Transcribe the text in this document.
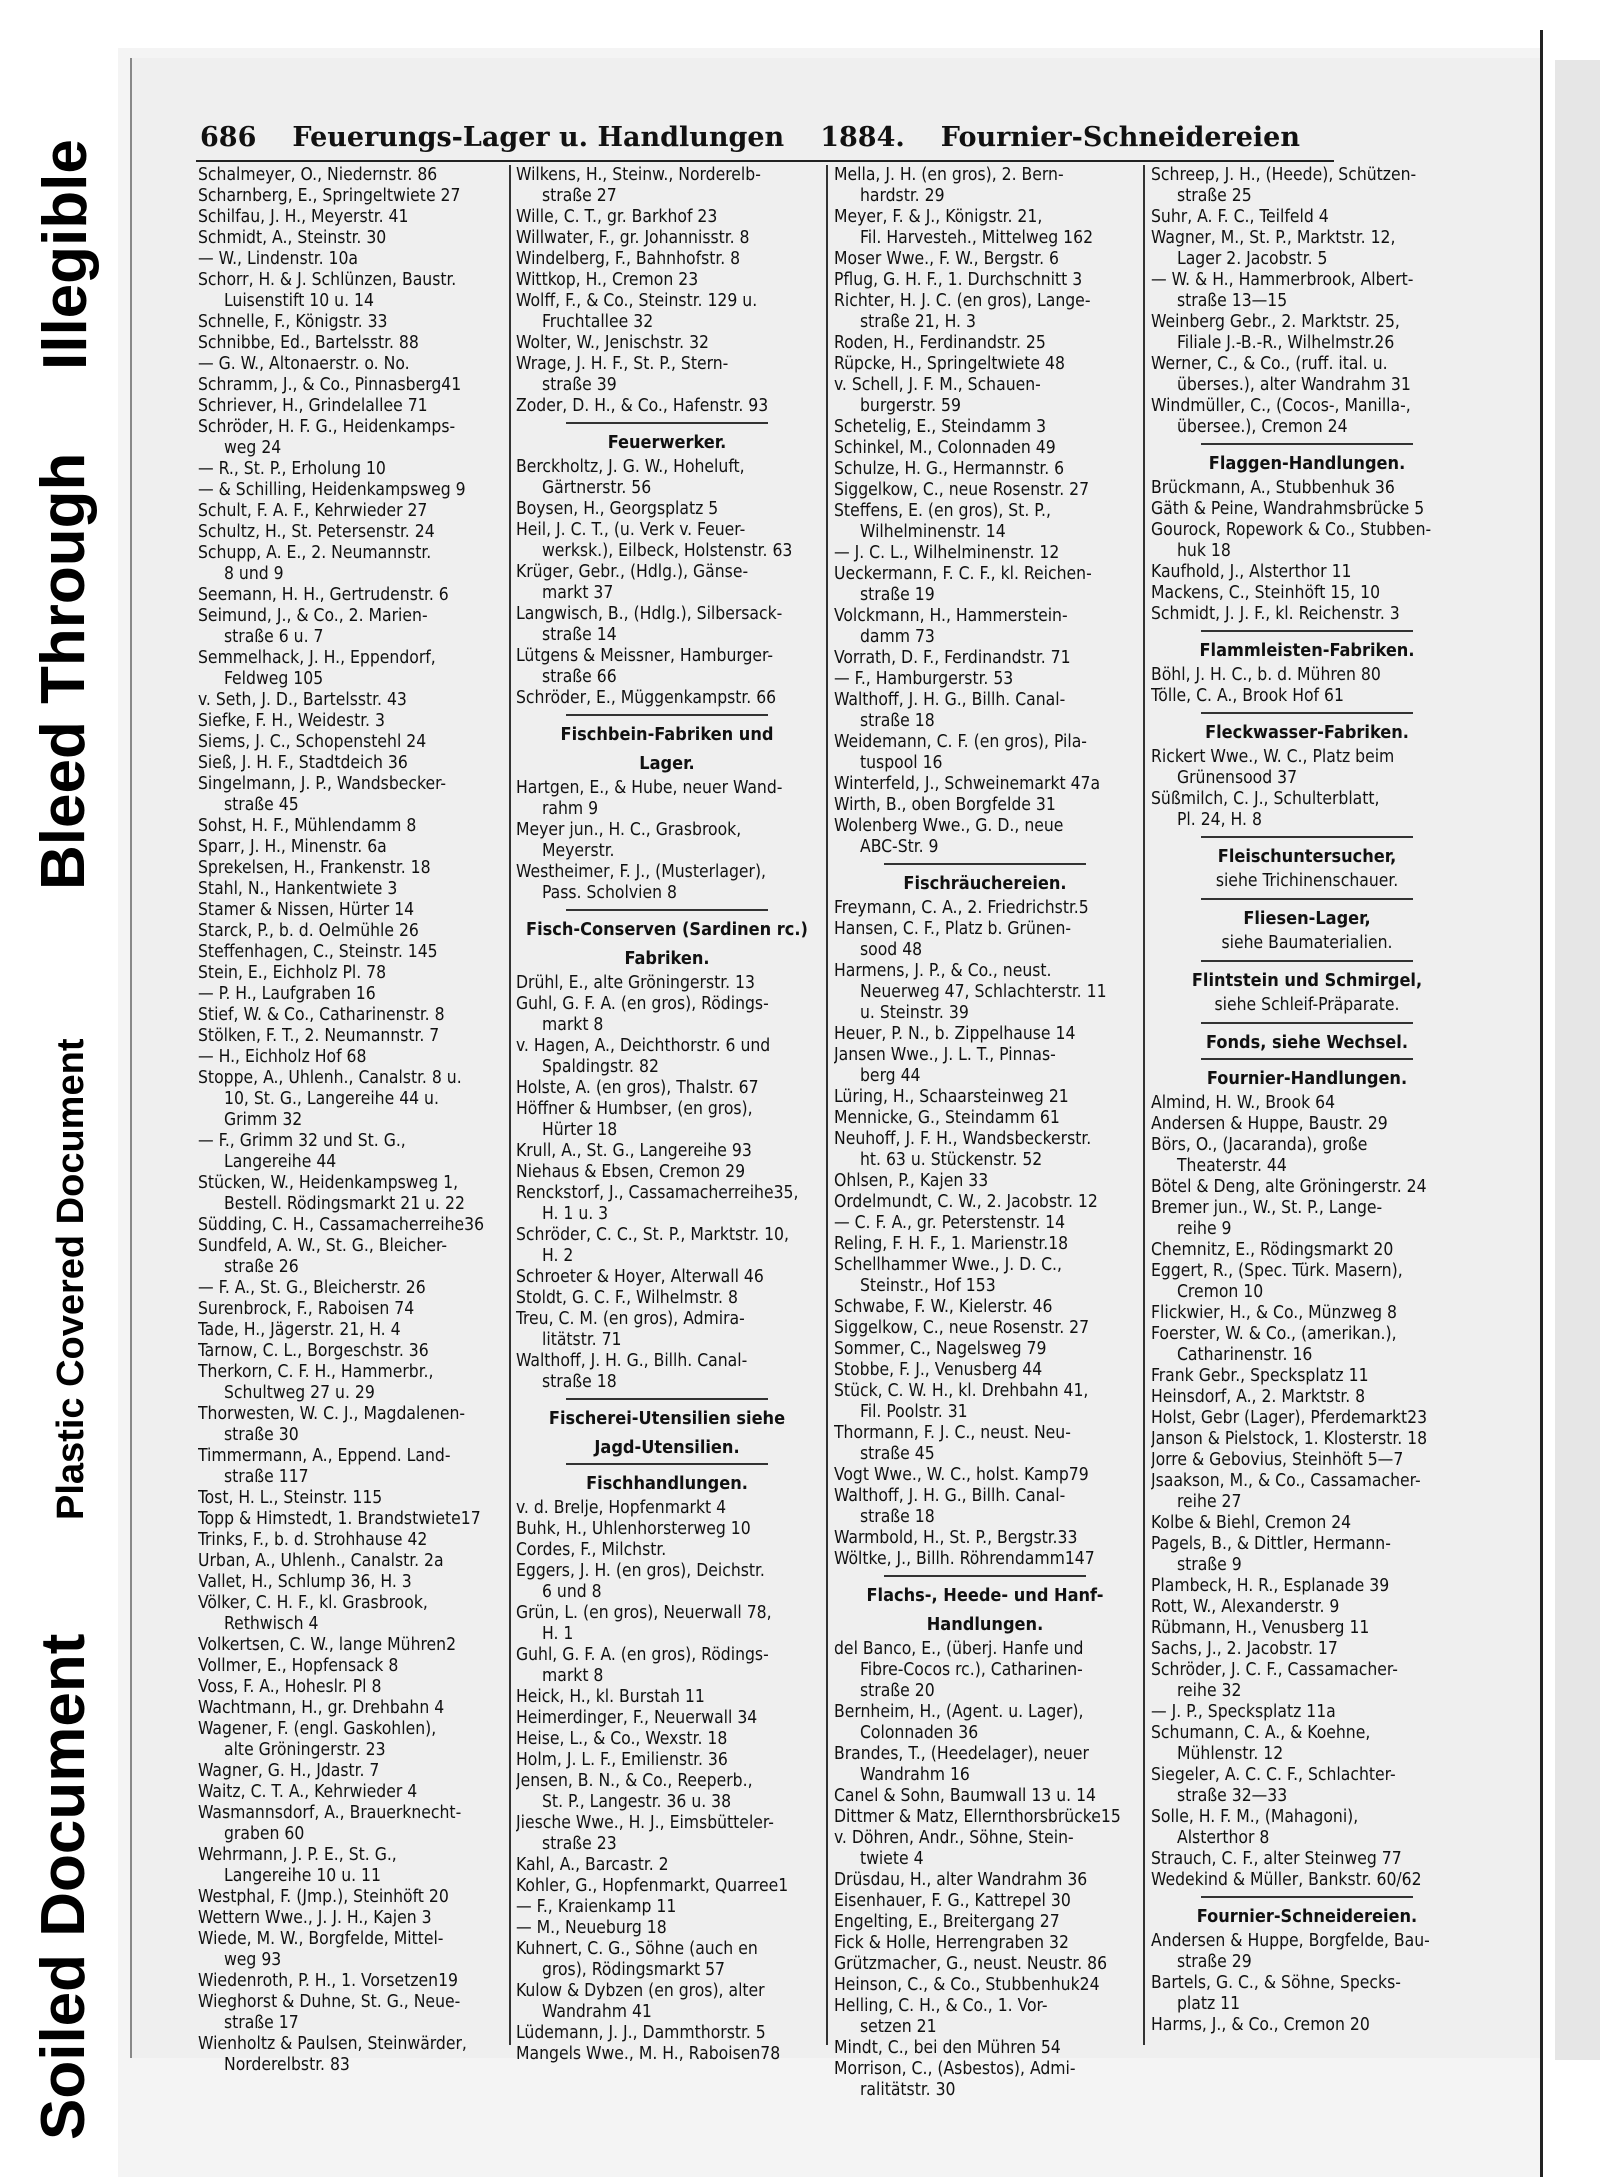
Soiled Document
Plastic Covered Document
Bleed Through
Illegible
686 Feuerungs-Lager u. Handlungen 1884. Fournier-Schneidereien
Schalmeyer, O., Niedernstr. 86
Scharnberg, E., Springeltwiete 27
Schilfau, J. H., Meyerstr. 41
Schmidt, A., Steinstr. 30
— W., Lindenstr. 10a
Schorr, H. & J. Schlünzen, Baustr.
Luisenstift 10 u. 14
Schnelle, F., Königstr. 33
Schnibbe, Ed., Bartelsstr. 88
— G. W., Altonaerstr. o. No.
Schramm, J., & Co., Pinnasberg41
Schriever, H., Grindelallee 71
Schröder, H. F. G., Heidenkamps-
weg 24
— R., St. P., Erholung 10
— & Schilling, Heidenkampsweg 9
Schult, F. A. F., Kehrwieder 27
Schultz, H., St. Petersenstr. 24
Schupp, A. E., 2. Neumannstr.
8 und 9
Seemann, H. H., Gertrudenstr. 6
Seimund, J., & Co., 2. Marien-
straße 6 u. 7
Semmelhack, J. H., Eppendorf,
Feldweg 105
v. Seth, J. D., Bartelsstr. 43
Siefke, F. H., Weidestr. 3
Siems, J. C., Schopenstehl 24
Sieß, J. H. F., Stadtdeich 36
Singelmann, J. P., Wandsbecker-
straße 45
Sohst, H. F., Mühlendamm 8
Sparr, J. H., Minenstr. 6a
Sprekelsen, H., Frankenstr. 18
Stahl, N., Hankentwiete 3
Stamer & Nissen, Hürter 14
Starck, P., b. d. Oelmühle 26
Steffenhagen, C., Steinstr. 145
Stein, E., Eichholz Pl. 78
— P. H., Laufgraben 16
Stief, W. & Co., Catharinenstr. 8
Stölken, F. T., 2. Neumannstr. 7
— H., Eichholz Hof 68
Stoppe, A., Uhlenh., Canalstr. 8 u.
10, St. G., Langereihe 44 u.
Grimm 32
— F., Grimm 32 und St. G.,
Langereihe 44
Stücken, W., Heidenkampsweg 1,
Bestell. Rödingsmarkt 21 u. 22
Südding, C. H., Cassamacherreihe36
Sundfeld, A. W., St. G., Bleicher-
straße 26
— F. A., St. G., Bleicherstr. 26
Surenbrock, F., Raboisen 74
Tade, H., Jägerstr. 21, H. 4
Tarnow, C. L., Borgeschstr. 36
Therkorn, C. F. H., Hammerbr.,
Schultweg 27 u. 29
Thorwesten, W. C. J., Magdalenen-
straße 30
Timmermann, A., Eppend. Land-
straße 117
Tost, H. L., Steinstr. 115
Topp & Himstedt, 1. Brandstwiete17
Trinks, F., b. d. Strohhause 42
Urban, A., Uhlenh., Canalstr. 2a
Vallet, H., Schlump 36, H. 3
Völker, C. H. F., kl. Grasbrook,
Rethwisch 4
Volkertsen, C. W., lange Mühren2
Vollmer, E., Hopfensack 8
Voss, F. A., Hoheslr. Pl 8
Wachtmann, H., gr. Drehbahn 4
Wagener, F. (engl. Gaskohlen),
alte Gröningerstr. 23
Wagner, G. H., Jdastr. 7
Waitz, C. T. A., Kehrwieder 4
Wasmannsdorf, A., Brauerknecht-
graben 60
Wehrmann, J. P. E., St. G.,
Langereihe 10 u. 11
Westphal, F. (Jmp.), Steinhöft 20
Wettern Wwe., J. J. H., Kajen 3
Wiede, M. W., Borgfelde, Mittel-
weg 93
Wiedenroth, P. H., 1. Vorsetzen19
Wieghorst & Duhne, St. G., Neue-
straße 17
Wienholtz & Paulsen, Steinwärder,
Norderelbstr. 83
Wilkens, H., Steinw., Norderelb-
straße 27
Wille, C. T., gr. Barkhof 23
Willwater, F., gr. Johannisstr. 8
Windelberg, F., Bahnhofstr. 8
Wittkop, H., Cremon 23
Wolff, F., & Co., Steinstr. 129 u.
Fruchtallee 32
Wolter, W., Jenischstr. 32
Wrage, J. H. F., St. P., Stern-
straße 39
Zoder, D. H., & Co., Hafenstr. 93
Feuerwerker.
Berckholtz, J. G. W., Hoheluft,
Gärtnerstr. 56
Boysen, H., Georgsplatz 5
Heil, J. C. T., (u. Verk v. Feuer-
werksk.), Eilbeck, Holstenstr. 63
Krüger, Gebr., (Hdlg.), Gänse-
markt 37
Langwisch, B., (Hdlg.), Silbersack-
straße 14
Lütgens & Meissner, Hamburger-
straße 66
Schröder, E., Müggenkampstr. 66
Fischbein-Fabriken und
Lager.
Hartgen, E., & Hube, neuer Wand-
rahm 9
Meyer jun., H. C., Grasbrook,
Meyerstr.
Westheimer, F. J., (Musterlager),
Pass. Scholvien 8
Fisch-Conserven (Sardinen rc.)
Fabriken.
Drühl, E., alte Gröningerstr. 13
Guhl, G. F. A. (en gros), Rödings-
markt 8
v. Hagen, A., Deichthorstr. 6 und
Spaldingstr. 82
Holste, A. (en gros), Thalstr. 67
Höffner & Humbser, (en gros),
Hürter 18
Krull, A., St. G., Langereihe 93
Niehaus & Ebsen, Cremon 29
Renckstorf, J., Cassamacherreihe35,
H. 1 u. 3
Schröder, C. C., St. P., Marktstr. 10,
H. 2
Schroeter & Hoyer, Alterwall 46
Stoldt, G. C. F., Wilhelmstr. 8
Treu, C. M. (en gros), Admira-
litätstr. 71
Walthoff, J. H. G., Billh. Canal-
straße 18
Fischerei-Utensilien siehe
Jagd-Utensilien.
Fischhandlungen.
v. d. Brelje, Hopfenmarkt 4
Buhk, H., Uhlenhorsterweg 10
Cordes, F., Milchstr.
Eggers, J. H. (en gros), Deichstr.
6 und 8
Grün, L. (en gros), Neuerwall 78,
H. 1
Guhl, G. F. A. (en gros), Rödings-
markt 8
Heick, H., kl. Burstah 11
Heimerdinger, F., Neuerwall 34
Heise, L., & Co., Wexstr. 18
Holm, J. L. F., Emilienstr. 36
Jensen, B. N., & Co., Reeperb.,
St. P., Langestr. 36 u. 38
Jiesche Wwe., H. J., Eimsbütteler-
straße 23
Kahl, A., Barcastr. 2
Kohler, G., Hopfenmarkt, Quarree1
— F., Kraienkamp 11
— M., Neueburg 18
Kuhnert, C. G., Söhne (auch en
gros), Rödingsmarkt 57
Kulow & Dybzen (en gros), alter
Wandrahm 41
Lüdemann, J. J., Dammthorstr. 5
Mangels Wwe., M. H., Raboisen78
Mella, J. H. (en gros), 2. Bern-
hardstr. 29
Meyer, F. & J., Königstr. 21,
Fil. Harvesteh., Mittelweg 162
Moser Wwe., F. W., Bergstr. 6
Pflug, G. H. F., 1. Durchschnitt 3
Richter, H. J. C. (en gros), Lange-
straße 21, H. 3
Roden, H., Ferdinandstr. 25
Rüpcke, H., Springeltwiete 48
v. Schell, J. F. M., Schauen-
burgerstr. 59
Schetelig, E., Steindamm 3
Schinkel, M., Colonnaden 49
Schulze, H. G., Hermannstr. 6
Siggelkow, C., neue Rosenstr. 27
Steffens, E. (en gros), St. P.,
Wilhelminenstr. 14
— J. C. L., Wilhelminenstr. 12
Ueckermann, F. C. F., kl. Reichen-
straße 19
Volckmann, H., Hammerstein-
damm 73
Vorrath, D. F., Ferdinandstr. 71
— F., Hamburgerstr. 53
Walthoff, J. H. G., Billh. Canal-
straße 18
Weidemann, C. F. (en gros), Pila-
tuspool 16
Winterfeld, J., Schweinemarkt 47a
Wirth, B., oben Borgfelde 31
Wolenberg Wwe., G. D., neue
ABC-Str. 9
Fischräuchereien.
Freymann, C. A., 2. Friedrichstr.5
Hansen, C. F., Platz b. Grünen-
sood 48
Harmens, J. P., & Co., neust.
Neuerweg 47, Schlachterstr. 11
u. Steinstr. 39
Heuer, P. N., b. Zippelhause 14
Jansen Wwe., J. L. T., Pinnas-
berg 44
Lüring, H., Schaarsteinweg 21
Mennicke, G., Steindamm 61
Neuhoff, J. F. H., Wandsbeckerstr.
ht. 63 u. Stückenstr. 52
Ohlsen, P., Kajen 33
Ordelmundt, C. W., 2. Jacobstr. 12
— C. F. A., gr. Peterstenstr. 14
Reling, F. H. F., 1. Marienstr.18
Schellhammer Wwe., J. D. C.,
Steinstr., Hof 153
Schwabe, F. W., Kielerstr. 46
Siggelkow, C., neue Rosenstr. 27
Sommer, C., Nagelsweg 79
Stobbe, F. J., Venusberg 44
Stück, C. W. H., kl. Drehbahn 41,
Fil. Poolstr. 31
Thormann, F. J. C., neust. Neu-
straße 45
Vogt Wwe., W. C., holst. Kamp79
Walthoff, J. H. G., Billh. Canal-
straße 18
Warmbold, H., St. P., Bergstr.33
Wöltke, J., Billh. Röhrendamm147
Flachs-, Heede- und Hanf-
Handlungen.
del Banco, E., (überj. Hanfe und
Fibre-Cocos rc.), Catharinen-
straße 20
Bernheim, H., (Agent. u. Lager),
Colonnaden 36
Brandes, T., (Heedelager), neuer
Wandrahm 16
Canel & Sohn, Baumwall 13 u. 14
Dittmer & Matz, Ellernthorsbrücke15
v. Döhren, Andr., Söhne, Stein-
twiete 4
Drüsdau, H., alter Wandrahm 36
Eisenhauer, F. G., Kattrepel 30
Engelting, E., Breitergang 27
Fick & Holle, Herrengraben 32
Grützmacher, G., neust. Neustr. 86
Heinson, C., & Co., Stubbenhuk24
Helling, C. H., & Co., 1. Vor-
setzen 21
Mindt, C., bei den Mühren 54
Morrison, C., (Asbestos), Admi-
ralitätstr. 30
Schreep, J. H., (Heede), Schützen-
straße 25
Suhr, A. F. C., Teilfeld 4
Wagner, M., St. P., Marktstr. 12,
Lager 2. Jacobstr. 5
— W. & H., Hammerbrook, Albert-
straße 13—15
Weinberg Gebr., 2. Marktstr. 25,
Filiale J.-B.-R., Wilhelmstr.26
Werner, C., & Co., (ruff. ital. u.
überses.), alter Wandrahm 31
Windmüller, C., (Cocos-, Manilla-,
übersee.), Cremon 24
Flaggen-Handlungen.
Brückmann, A., Stubbenhuk 36
Gäth & Peine, Wandrahmsbrücke 5
Gourock, Ropework & Co., Stubben-
huk 18
Kaufhold, J., Alsterthor 11
Mackens, C., Steinhöft 15, 10
Schmidt, J. J. F., kl. Reichenstr. 3
Flammleisten-Fabriken.
Böhl, J. H. C., b. d. Mühren 80
Tölle, C. A., Brook Hof 61
Fleckwasser-Fabriken.
Rickert Wwe., W. C., Platz beim
Grünensood 37
Süßmilch, C. J., Schulterblatt,
Pl. 24, H. 8
Fleischuntersucher,
siehe Trichinenschauer.
Fliesen-Lager,
siehe Baumaterialien.
Flintstein und Schmirgel,
siehe Schleif-Präparate.
Fonds, siehe Wechsel.
Fournier-Handlungen.
Almind, H. W., Brook 64
Andersen & Huppe, Baustr. 29
Börs, O., (Jacaranda), große
Theaterstr. 44
Bötel & Deng, alte Gröningerstr. 24
Bremer jun., W., St. P., Lange-
reihe 9
Chemnitz, E., Rödingsmarkt 20
Eggert, R., (Spec. Türk. Masern),
Cremon 10
Flickwier, H., & Co., Münzweg 8
Foerster, W. & Co., (amerikan.),
Catharinenstr. 16
Frank Gebr., Specksplatz 11
Heinsdorf, A., 2. Marktstr. 8
Holst, Gebr (Lager), Pferdemarkt23
Janson & Pielstock, 1. Klosterstr. 18
Jorre & Gebovius, Steinhöft 5—7
Jsaakson, M., & Co., Cassamacher-
reihe 27
Kolbe & Biehl, Cremon 24
Pagels, B., & Dittler, Hermann-
straße 9
Plambeck, H. R., Esplanade 39
Rott, W., Alexanderstr. 9
Rübmann, H., Venusberg 11
Sachs, J., 2. Jacobstr. 17
Schröder, J. C. F., Cassamacher-
reihe 32
— J. P., Specksplatz 11a
Schumann, C. A., & Koehne,
Mühlenstr. 12
Siegeler, A. C. C. F., Schlachter-
straße 32—33
Solle, H. F. M., (Mahagoni),
Alsterthor 8
Strauch, C. F., alter Steinweg 77
Wedekind & Müller, Bankstr. 60/62
Fournier-Schneidereien.
Andersen & Huppe, Borgfelde, Bau-
straße 29
Bartels, G. C., & Söhne, Specks-
platz 11
Harms, J., & Co., Cremon 20
